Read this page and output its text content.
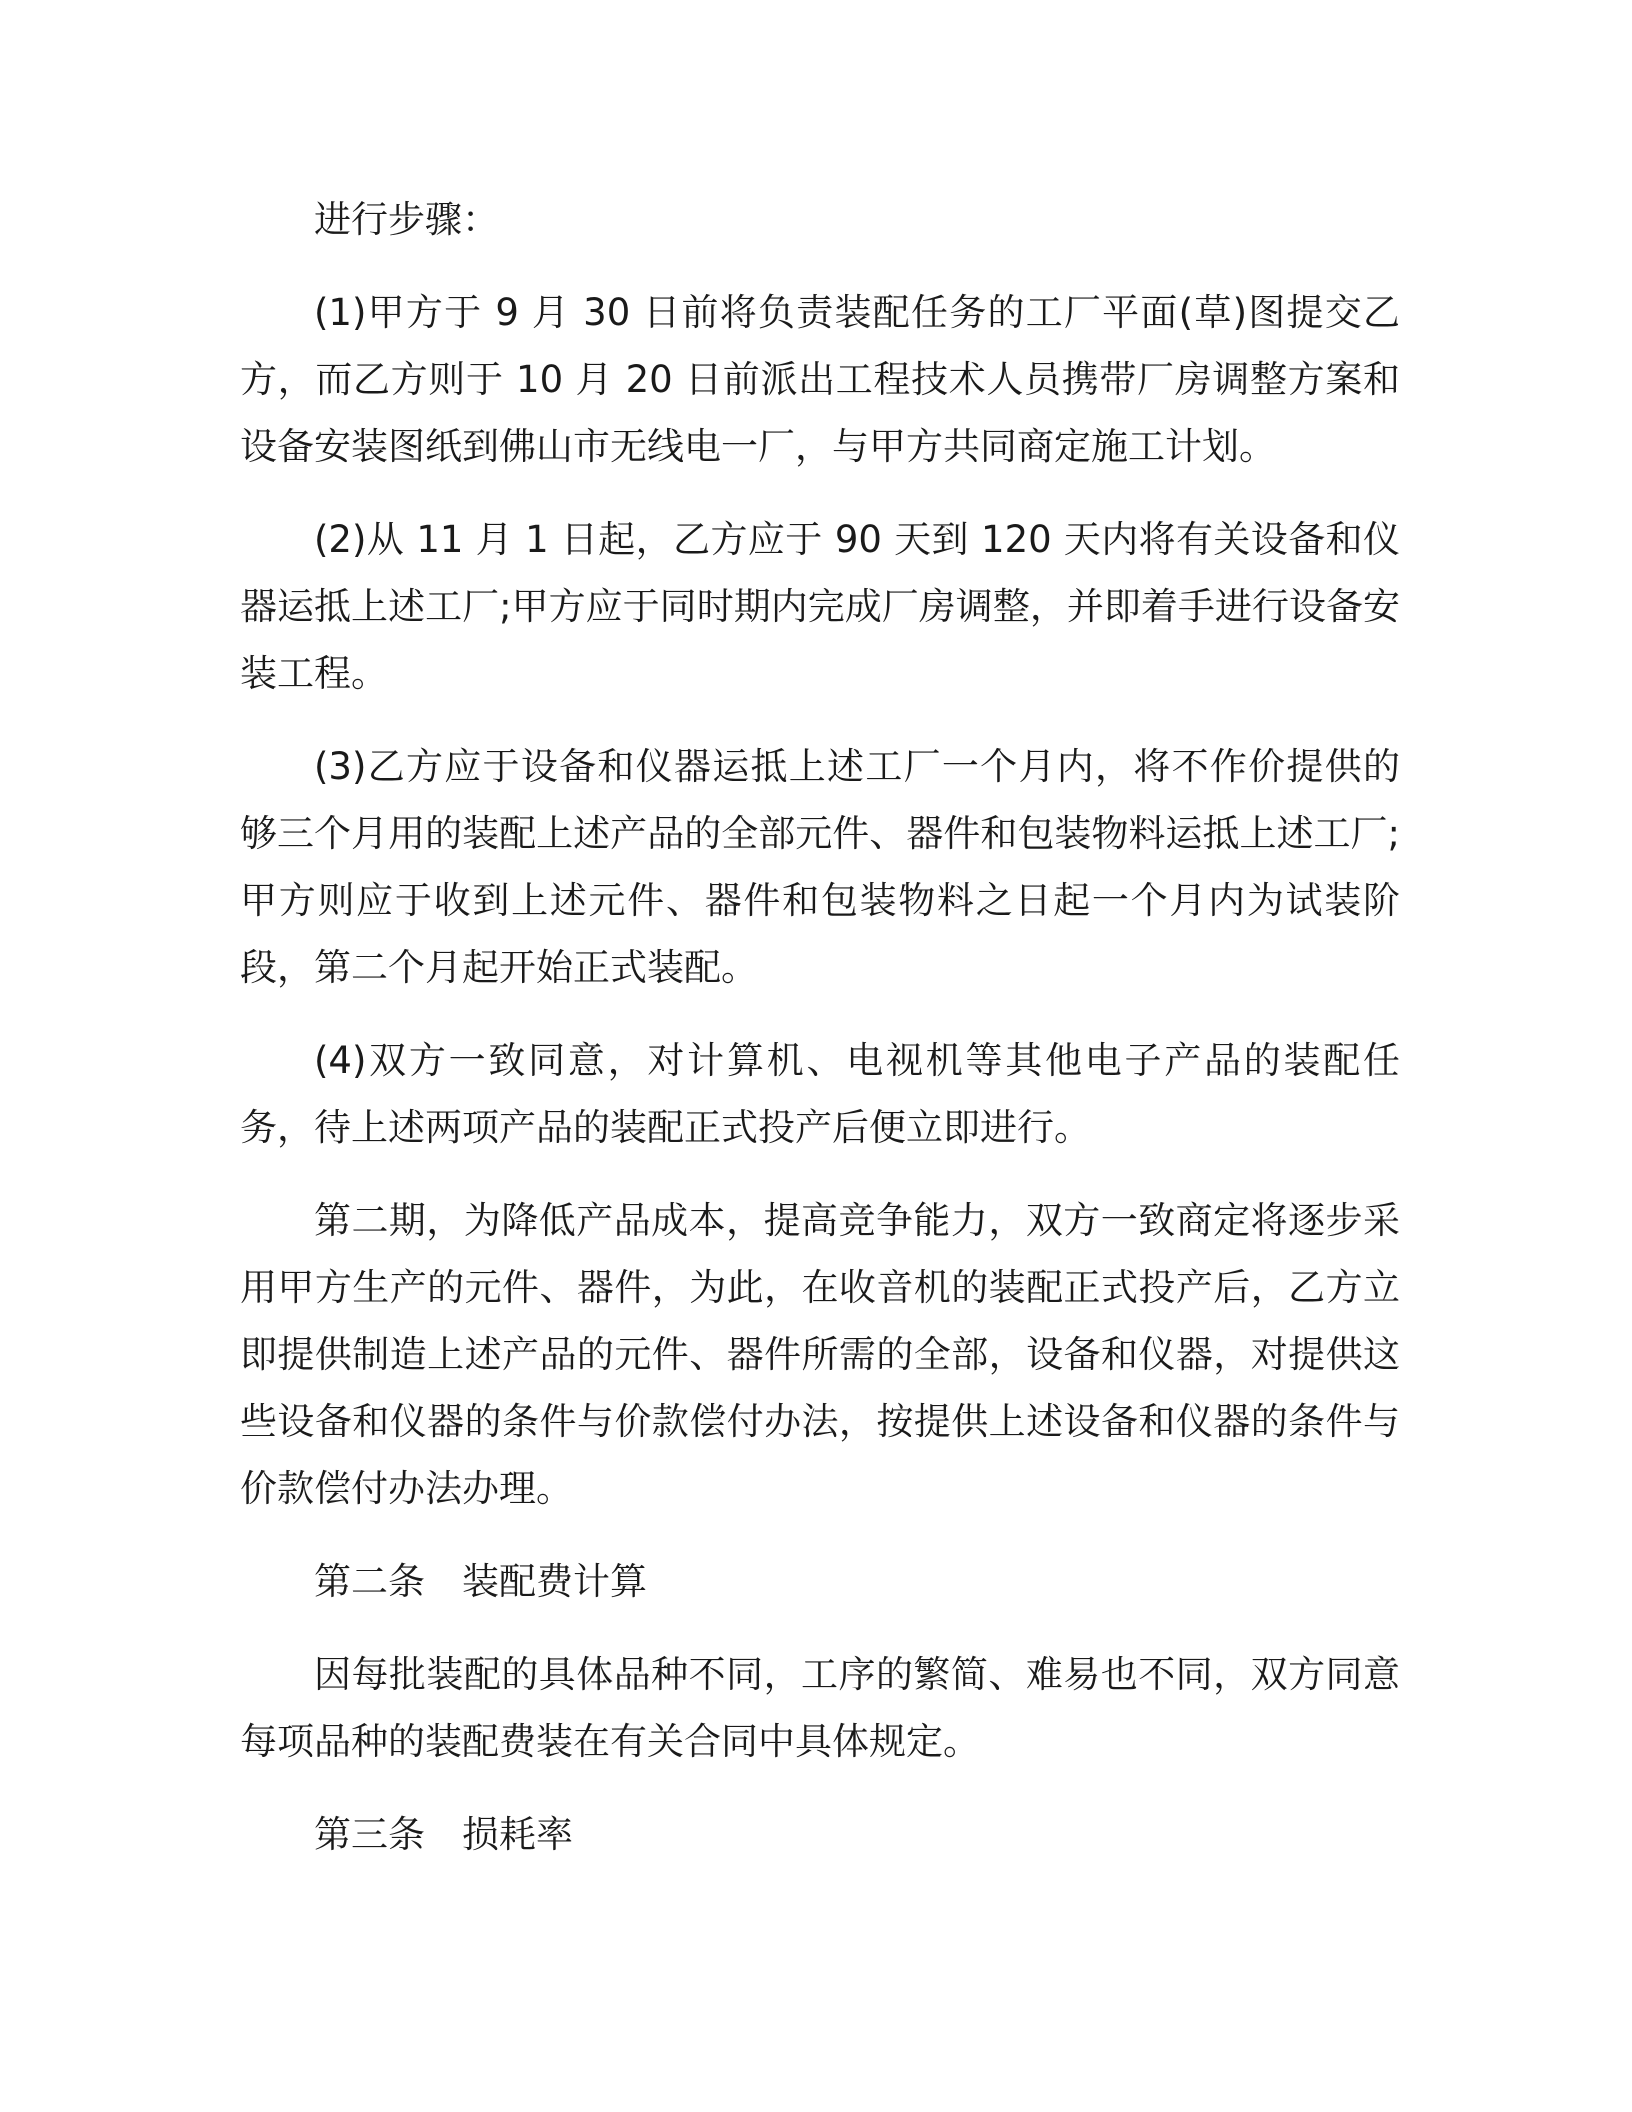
进行步骤：

(1)甲方于 9 月 30 日前将负责装配任务的工厂平面(草)图提交乙方，而乙方则于 10 月 20 日前派出工程技术人员携带厂房调整方案和设备安装图纸到佛山市无线电一厂，与甲方共同商定施工计划。

(2)从 11 月 1 日起，乙方应于 90 天到 120 天内将有关设备和仪器运抵上述工厂;甲方应于同时期内完成厂房调整，并即着手进行设备安装工程。

(3)乙方应于设备和仪器运抵上述工厂一个月内，将不作价提供的够三个月用的装配上述产品的全部元件、器件和包装物料运抵上述工厂;甲方则应于收到上述元件、器件和包装物料之日起一个月内为试装阶段，第二个月起开始正式装配。

(4)双方一致同意，对计算机、电视机等其他电子产品的装配任务，待上述两项产品的装配正式投产后便立即进行。

第二期，为降低产品成本，提高竞争能力，双方一致商定将逐步采用甲方生产的元件、器件，为此，在收音机的装配正式投产后，乙方立即提供制造上述产品的元件、器件所需的全部，设备和仪器，对提供这些设备和仪器的条件与价款偿付办法，按提供上述设备和仪器的条件与价款偿付办法办理。

第二条　装配费计算

因每批装配的具体品种不同，工序的繁简、难易也不同，双方同意每项品种的装配费装在有关合同中具体规定。

第三条　损耗率
